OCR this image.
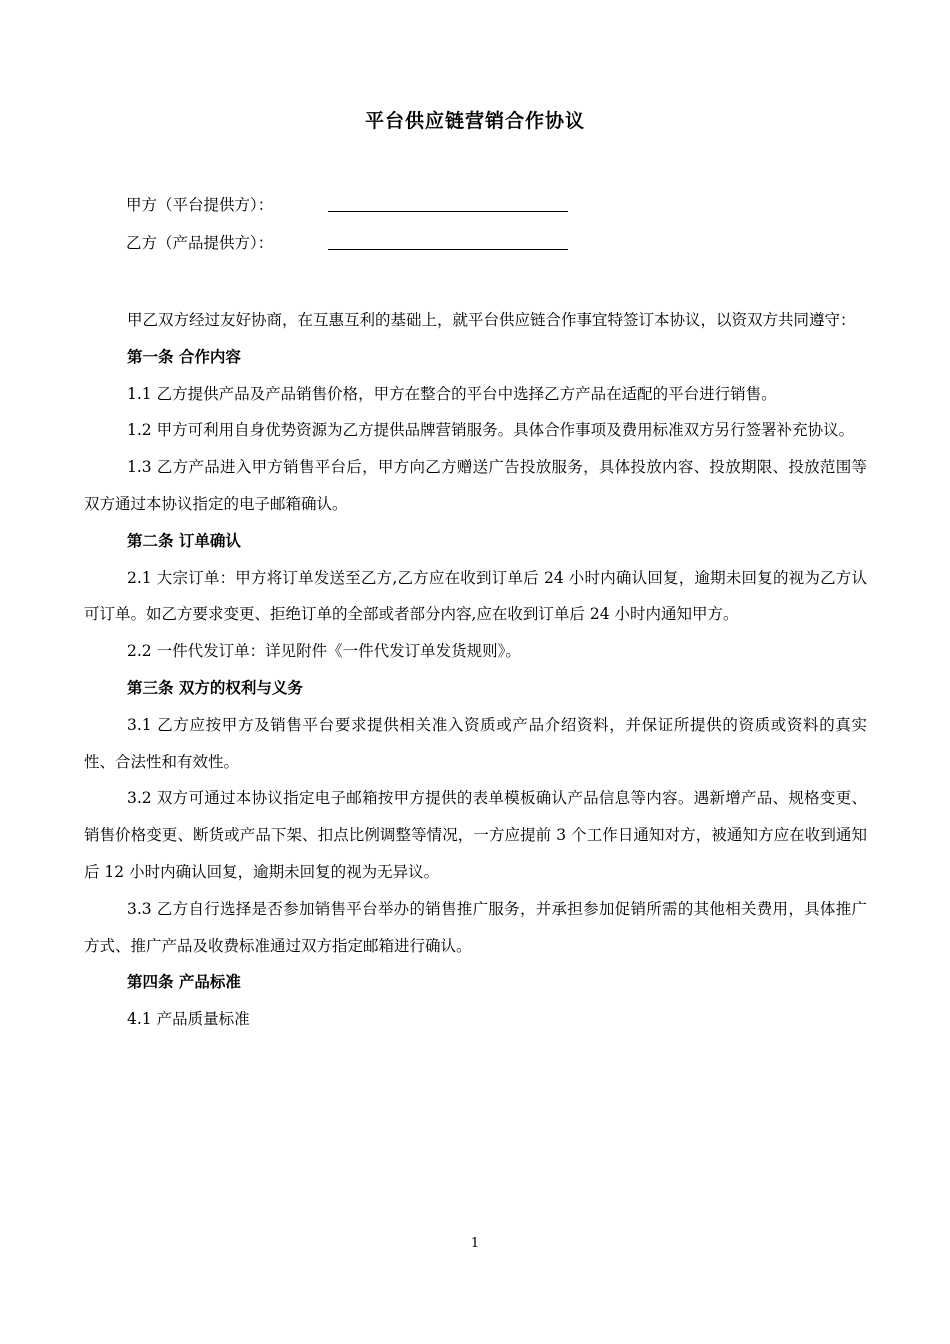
平台供应链营销合作协议
甲方（平台提供方）：
乙方（产品提供方）：

甲乙双方经过友好协商，在互惠互利的基础上，就平台供应链合作事宜特签订本协议，以资双方共同遵守：

第一条 合作内容

1.1 乙方提供产品及产品销售价格，甲方在整合的平台中选择乙方产品在适配的平台进行销售。

1.2 甲方可利用自身优势资源为乙方提供品牌营销服务。具体合作事项及费用标准双方另行签署补充协议。

1.3 乙方产品进入甲方销售平台后，甲方向乙方赠送广告投放服务，具体投放内容、投放期限、投放范围等双方通过本协议指定的电子邮箱确认。

第二条 订单确认

2.1 大宗订单：甲方将订单发送至乙方,乙方应在收到订单后 24 小时内确认回复，逾期未回复的视为乙方认可订单。如乙方要求变更、拒绝订单的全部或者部分内容,应在收到订单后 24 小时内通知甲方。

2.2 一件代发订单：详见附件《一件代发订单发货规则》。

第三条 双方的权利与义务

3.1 乙方应按甲方及销售平台要求提供相关准入资质或产品介绍资料，并保证所提供的资质或资料的真实性、合法性和有效性。

3.2 双方可通过本协议指定电子邮箱按甲方提供的表单模板确认产品信息等内容。遇新增产品、规格变更、销售价格变更、断货或产品下架、扣点比例调整等情况，一方应提前 3 个工作日通知对方，被通知方应在收到通知后 12 小时内确认回复，逾期未回复的视为无异议。

3.3 乙方自行选择是否参加销售平台举办的销售推广服务，并承担参加促销所需的其他相关费用，具体推广方式、推广产品及收费标准通过双方指定邮箱进行确认。

第四条 产品标准

4.1 产品质量标准

1
